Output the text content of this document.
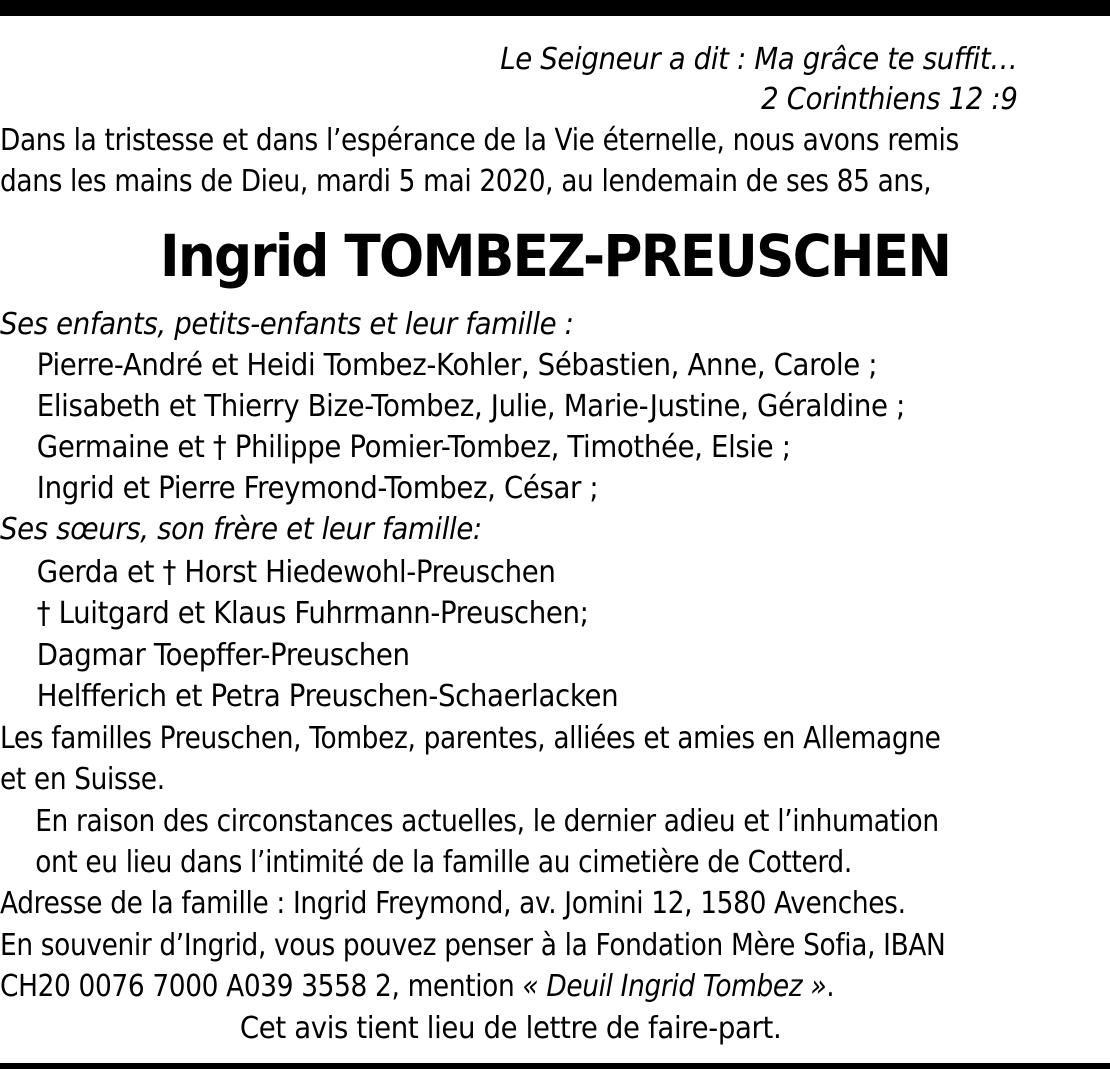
Le Seigneur a dit : Ma grâce te suffit…
2 Corinthiens 12 :9
Dans la tristesse et dans l’espérance de la Vie éternelle, nous avons remis
dans les mains de Dieu, mardi 5 mai 2020, au lendemain de ses 85 ans,
Ingrid TOMBEZ-PREUSCHEN
Ses enfants, petits-enfants et leur famille :
Pierre-André et Heidi Tombez-Kohler, Sébastien, Anne, Carole ;
Elisabeth et Thierry Bize-Tombez, Julie, Marie-Justine, Géraldine ;
Germaine et † Philippe Pomier-Tombez, Timothée, Elsie ;
Ingrid et Pierre Freymond-Tombez, César ;
Ses sœurs, son frère et leur famille:
Gerda et † Horst Hiedewohl-Preuschen
† Luitgard et Klaus Fuhrmann-Preuschen;
Dagmar Toepffer-Preuschen
Helfferich et Petra Preuschen-Schaerlacken
Les familles Preuschen, Tombez, parentes, alliées et amies en Allemagne
et en Suisse.
En raison des circonstances actuelles, le dernier adieu et l’inhumation
ont eu lieu dans l’intimité de la famille au cimetière de Cotterd.
Adresse de la famille : Ingrid Freymond, av. Jomini 12, 1580 Avenches.
En souvenir d’Ingrid, vous pouvez penser à la Fondation Mère Sofia, IBAN
CH20 0076 7000 A039 3558 2, mention « Deuil Ingrid Tombez ».
Cet avis tient lieu de lettre de faire-part.
